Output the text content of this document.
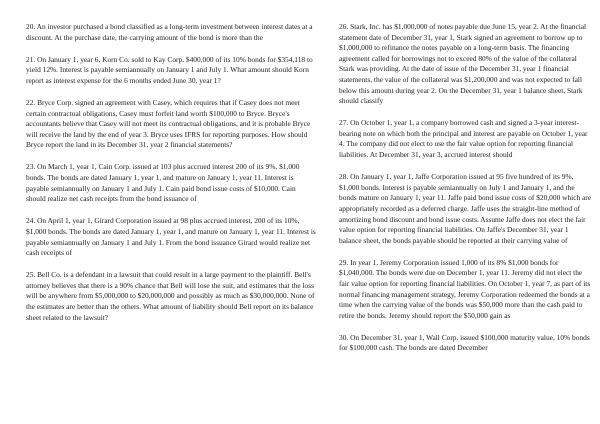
20. An investor purchased a bond classified as a long-term investment between interest dates at a discount. At the purchase date, the carrying amount of the bond is more than the

21. On January 1, year 6, Korn Co. sold to Kay Corp. $400,000 of its 10% bonds for $354,118 to yield 12%. Interest is payable semiannually on January 1 and July 1. What amount should Korn report as interest expense for the 6 months ended June 30, year 1?

22. Bryce Corp. signed an agreement with Casey, which requires that if Casey does not meet certain contractual obligations, Casey must forfeit land worth $100,000 to Bryce. Bryce's accountants believe that Casey will not meet its contractual obligations, and it is probable Bryce will receive the land by the end of year 3. Bryce uses IFRS for reporting purposes. How should Bryce report the land in its December 31, year 2 financial statements?

23. On March 1, year 1, Cain Corp. issued at 103 plus accrued interest 200 of its 9%, $1,000 bonds. The bonds are dated January 1, year 1, and mature on January 1, year 11. Interest is payable semiannually on January 1 and July 1. Cain paid bond issue costs of $10,000. Cain should realize net cash receipts from the bond issuance of

24. On April 1, year 1, Girard Corporation issued at 98 plus accrued interest, 200 of its 10%, $1,000 bonds. The bonds are dated January 1, year 1, and mature on January 1, year 11. Interest is payable semiannually on January 1 and July 1. From the bond issuance Girard would realize net cash receipts of

25. Bell Co. is a defendant in a lawsuit that could result in a large payment to the plaintiff. Bell's attorney believes that there is a 90% chance that Bell will lose the suit, and estimates that the loss will be anywhere from $5,000,000 to $20,000,000 and possibly as much as $30,000,000. None of the estimates are better than the others. What amount of liability should Bell report on its balance sheet related to the lawsuit?

26. Stark, Inc. has $1,000,000 of notes payable due June 15, year 2. At the financial statement date of December 31, year 1, Stark signed an agreement to borrow up to $1,000,000 to refinance the notes payable on a long-term basis. The financing agreement called for borrowings not to exceed 80% of the value of the collateral Stark was providing. At the date of issue of the December 31, year 1 financial statements, the value of the collateral was $1,200,000 and was not expected to fall below this amount during year 2. On the December 31, year 1 balance sheet, Stark should classify

27. On October 1, year 1, a company borrowed cash and signed a 3-year interest-bearing note on which both the principal and interest are payable on October 1, year 4. The company did not elect to use the fair value option for reporting financial liabilities. At December 31, year 3, accrued interest should

28. On January 1, year 1, Jaffe Corporation issued at 95 five hundred of its 9%, $1,000 bonds. Interest is payable semiannually on July 1 and January 1, and the bonds mature on January 1, year 11. Jaffe paid bond issue costs of $20,000 which are appropriately recorded as a deferred charge. Jaffe uses the straight-line method of amortizing bond discount and bond issue costs. Assume Jaffe does not elect the fair value option for reporting financial liabilities. On Jaffe's December 31, year 1 balance sheet, the bonds payable should be reported at their carrying value of

29. In year 1, Jeremy Corporation issued 1,000 of its 8% $1,000 bonds for $1,040,000. The bonds were due on December 1, year 11. Jeremy did not elect the fair value option for reporting financial liabilities. On October 1, year 7, as part of its normal financing management strategy, Jeremy Corporation redeemed the bonds at a time when the carrying value of the bonds was $50,000 more than the cash paid to retire the bonds. Jeremy should report the $50,000 gain as

30. On December 31, year 1, Wall Corp. issued $100,000 maturity value, 10% bonds for $100,000 cash. The bonds are dated December
